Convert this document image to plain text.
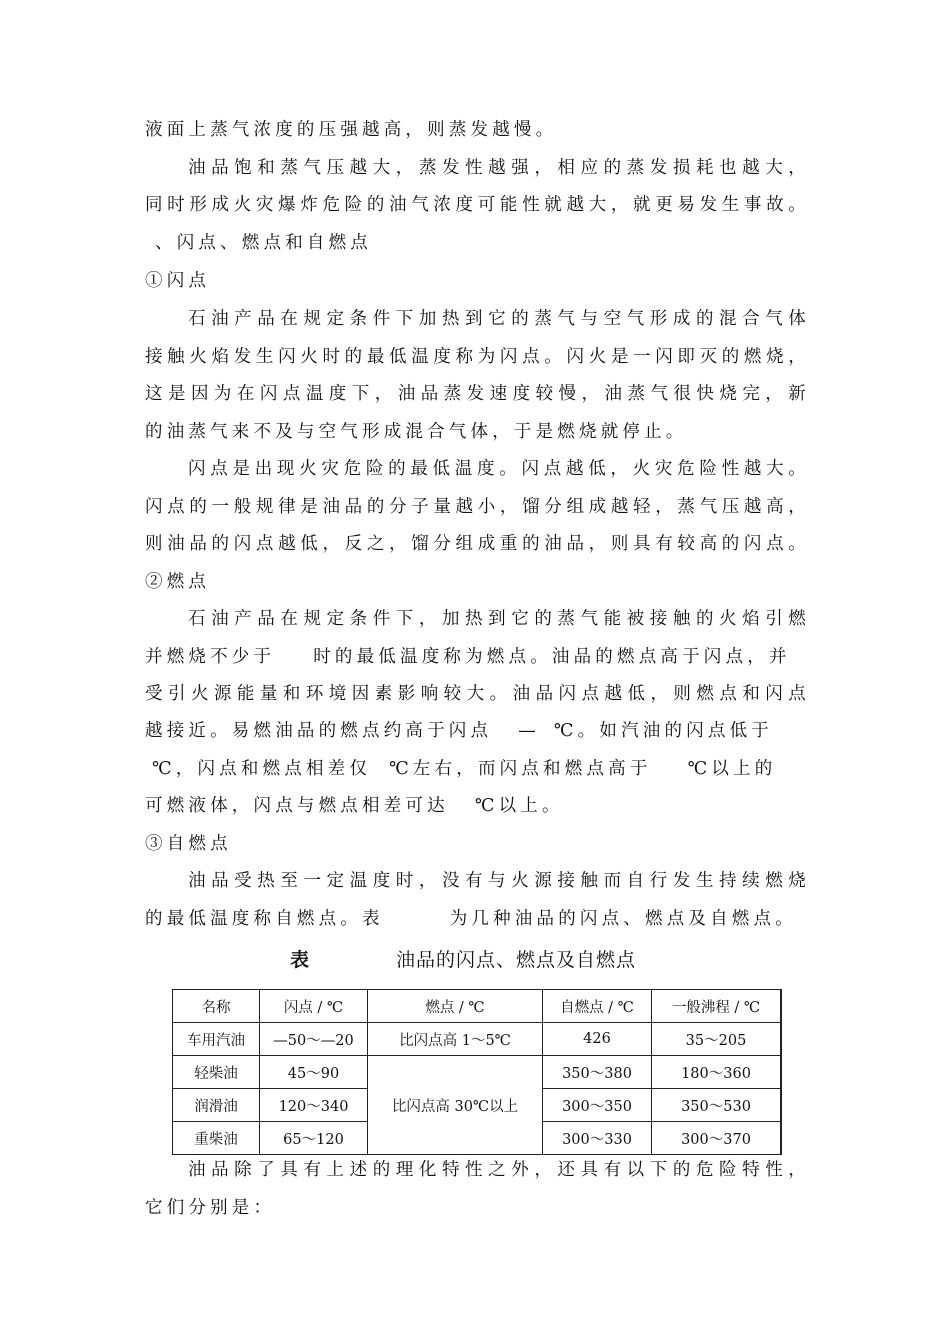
液面上蒸气浓度的压强越高，则蒸发越慢。
油品饱和蒸气压越大，蒸发性越强，相应的蒸发损耗也越大，
同时形成火灾爆炸危险的油气浓度可能性就越大，就更易发生事故。
、闪点、燃点和自燃点
①闪点
石油产品在规定条件下加热到它的蒸气与空气形成的混合气体
接触火焰发生闪火时的最低温度称为闪点。闪火是一闪即灭的燃烧，
这是因为在闪点温度下，油品蒸发速度较慢，油蒸气很快烧完，新
的油蒸气来不及与空气形成混合气体，于是燃烧就停止。
闪点是出现火灾危险的最低温度。闪点越低，火灾危险性越大。
闪点的一般规律是油品的分子量越小，馏分组成越轻，蒸气压越高，
则油品的闪点越低，反之，馏分组成重的油品，则具有较高的闪点。
②燃点
石油产品在规定条件下，加热到它的蒸气能被接触的火焰引燃
并燃烧不少于 时的最低温度称为燃点。油品的燃点高于闪点，并
受引火源能量和环境因素影响较大。油品闪点越低，则燃点和闪点
越接近。易燃油品的燃点约高于闪点 — ℃。如汽油的闪点低于
℃，闪点和燃点相差仅 ℃左右，而闪点和燃点高于 ℃以上的
可燃液体，闪点与燃点相差可达 ℃以上。
③自燃点
油品受热至一定温度时，没有与火源接触而自行发生持续燃烧
的最低温度称自燃点。表	为几种油品的闪点、燃点及自燃点。
表	油品的闪点、燃点及自燃点
名称	闪点 / ℃	燃点 / ℃	自燃点 / ℃	一般沸程 / ℃
车用汽油	—50～—20	比闪点高 1～5℃	426	35～205
轻柴油	45～90	比闪点高 30℃以上	350～380	180～360
润滑油	120～340		300～350	350～530
重柴油	65～120		300～330	300～370
油品除了具有上述的理化特性之外，还具有以下的危险特性，
它们分别是：
